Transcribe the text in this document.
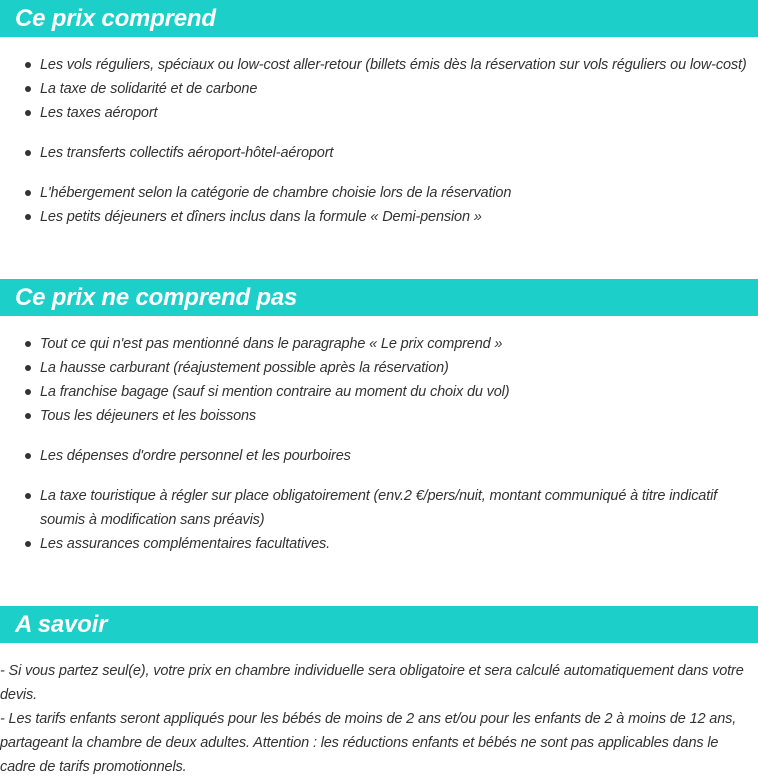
Ce prix comprend
Les vols réguliers, spéciaux ou low-cost aller-retour (billets émis dès la réservation sur vols réguliers ou low-cost)
La taxe de solidarité et de carbone
Les taxes aéroport
Les transferts collectifs aéroport-hôtel-aéroport
L'hébergement selon la catégorie de chambre choisie lors de la réservation
Les petits déjeuners et dîners inclus dans la formule « Demi-pension »
Ce prix ne comprend pas
Tout ce qui n'est pas mentionné dans le paragraphe « Le prix comprend »
La hausse carburant (réajustement possible après la réservation)
La franchise bagage (sauf si mention contraire au moment du choix du vol)
Tous les déjeuners et les boissons
Les dépenses d'ordre personnel et les pourboires
La taxe touristique à régler sur place obligatoirement (env.2 €/pers/nuit, montant communiqué à titre indicatif soumis à modification sans préavis)
Les assurances complémentaires facultatives.
A savoir
- Si vous partez seul(e), votre prix en chambre individuelle sera obligatoire et sera calculé automatiquement dans votre devis.
- Les tarifs enfants seront appliqués pour les bébés de moins de 2 ans et/ou pour les enfants de 2 à moins de 12 ans, partageant la chambre de deux adultes. Attention : les réductions enfants et bébés ne sont pas applicables dans le cadre de tarifs promotionnels.
